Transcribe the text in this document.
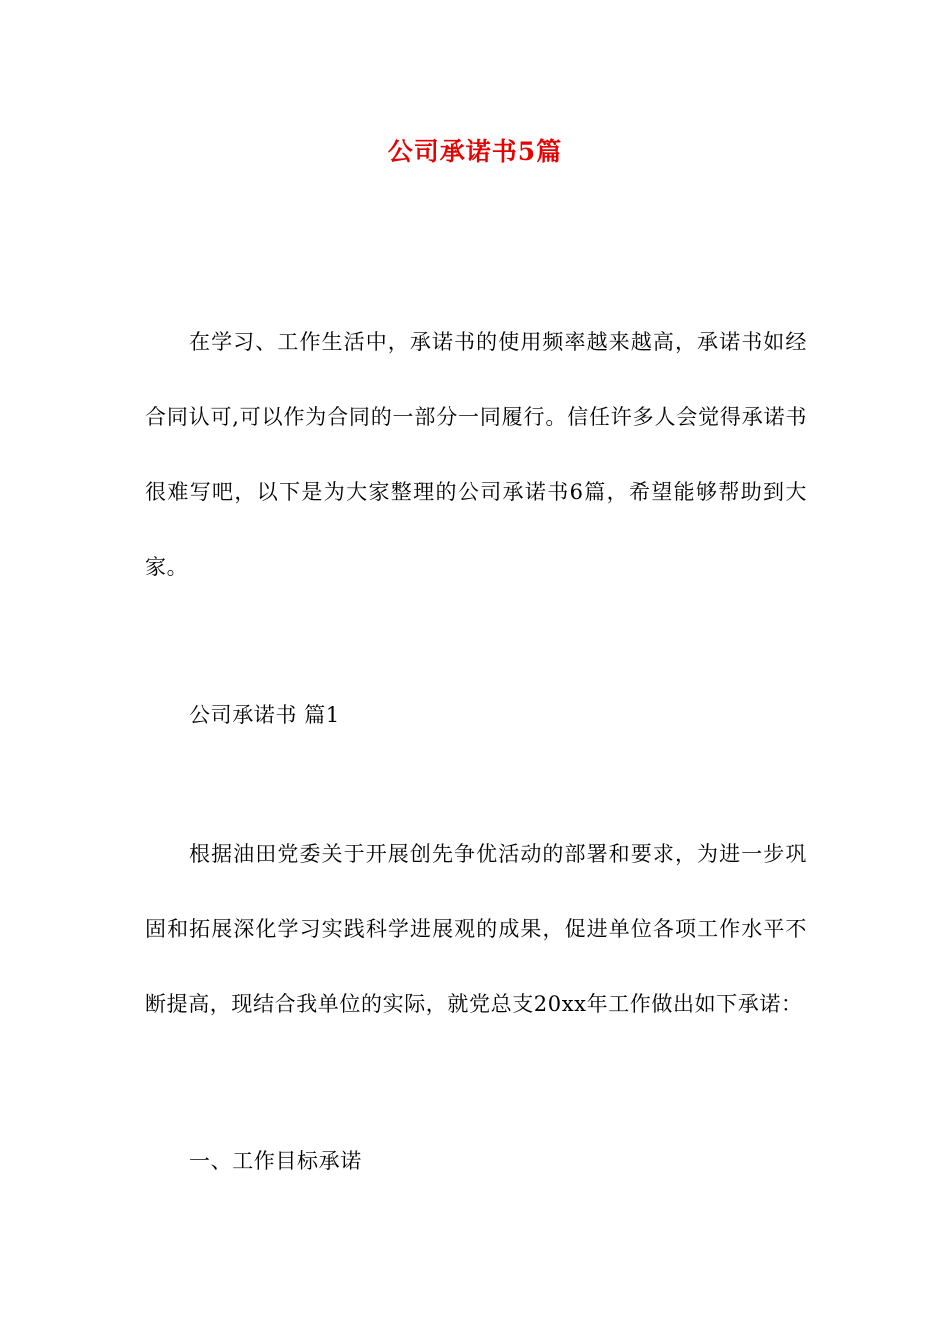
公司承诺书5篇

在学习、工作生活中，承诺书的使用频率越来越高，承诺书如经合同认可,可以作为合同的一部分一同履行。信任许多人会觉得承诺书很难写吧，以下是为大家整理的公司承诺书6篇，希望能够帮助到大家。

公司承诺书 篇1

根据油田党委关于开展创先争优活动的部署和要求，为进一步巩固和拓展深化学习实践科学进展观的成果，促进单位各项工作水平不断提高，现结合我单位的实际，就党总支20xx年工作做出如下承诺：

一、工作目标承诺
